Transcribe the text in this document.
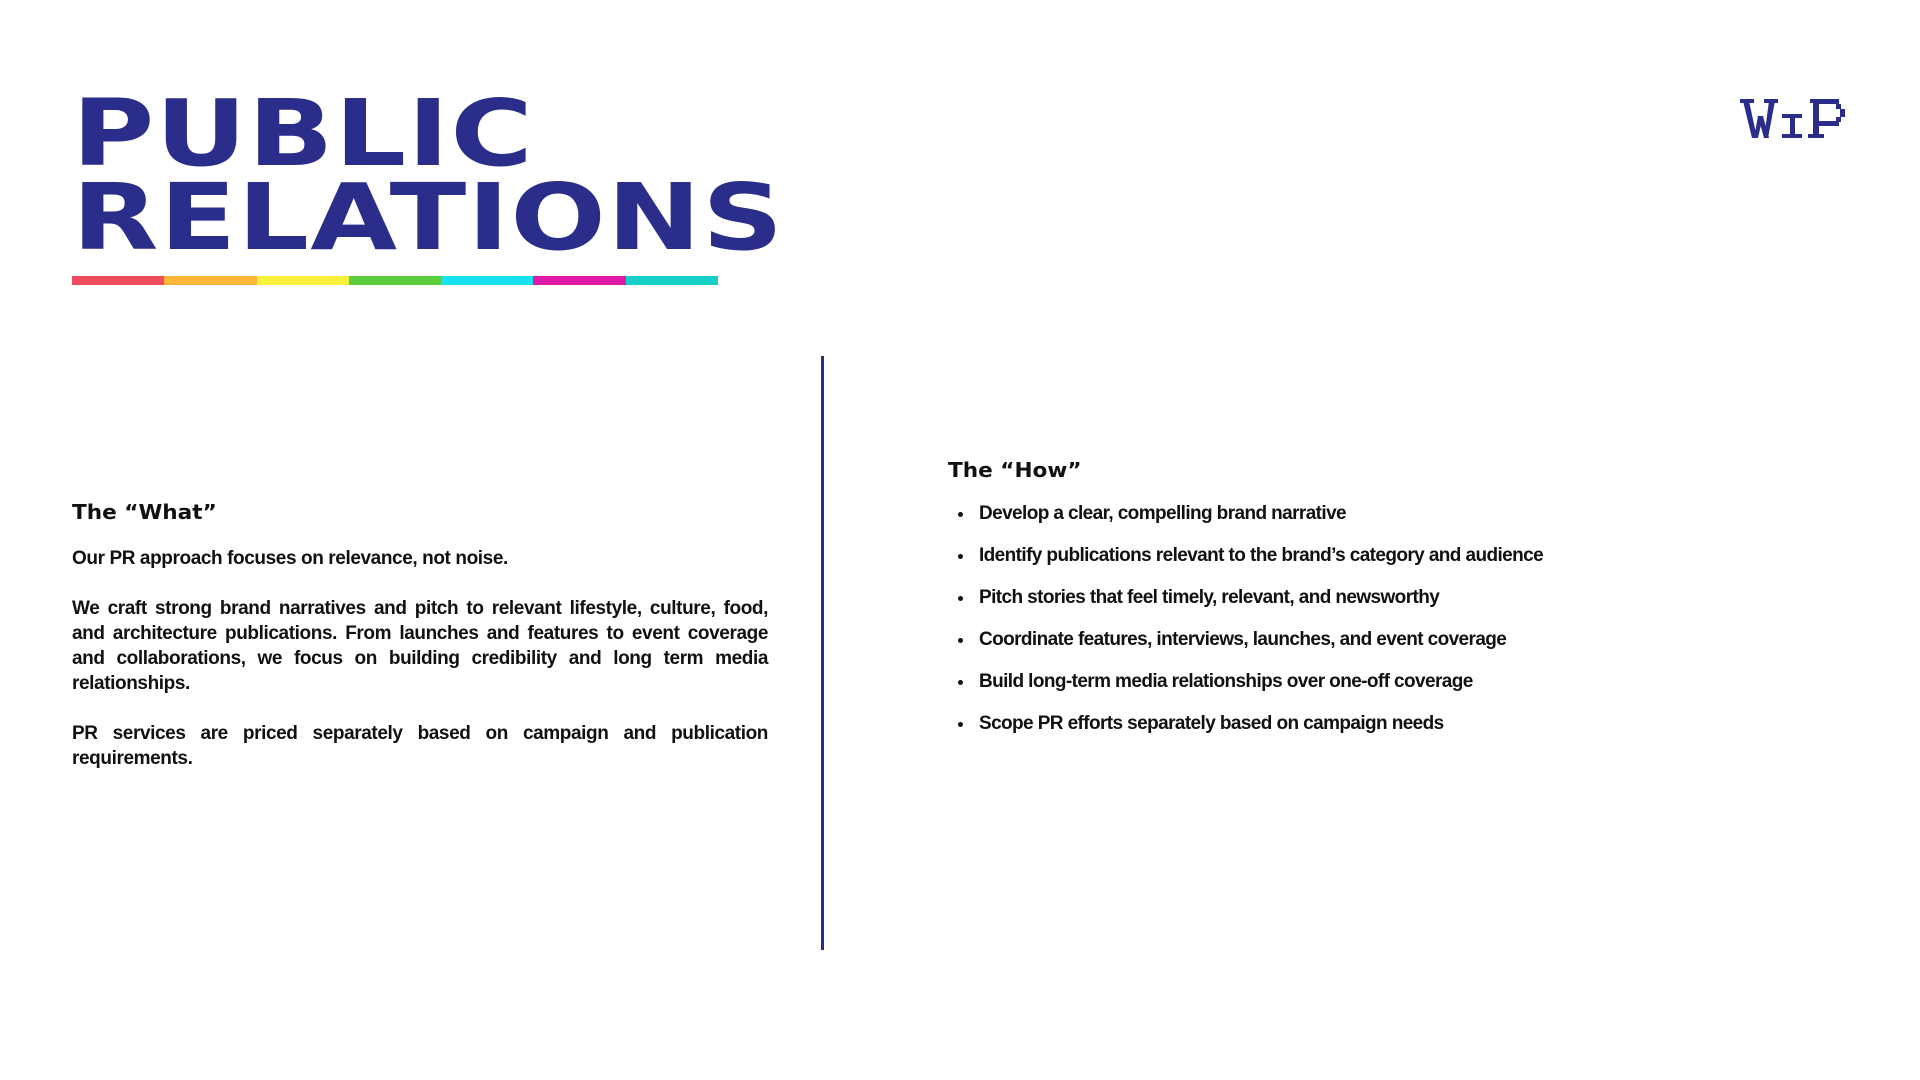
PUBLIC
RELATIONS
The “What”

Our PR approach focuses on relevance, not noise.

We craft strong brand narratives and pitch to relevant lifestyle, culture, food, and architecture publications. From launches and features to event coverage and collaborations, we focus on building credibility and long term media relationships.

PR services are priced separately based on campaign and publication requirements.

The “How”
Develop a clear, compelling brand narrative
Identify publications relevant to the brand’s category and audience
Pitch stories that feel timely, relevant, and newsworthy
Coordinate features, interviews, launches, and event coverage
Build long-term media relationships over one-off coverage
Scope PR efforts separately based on campaign needs
